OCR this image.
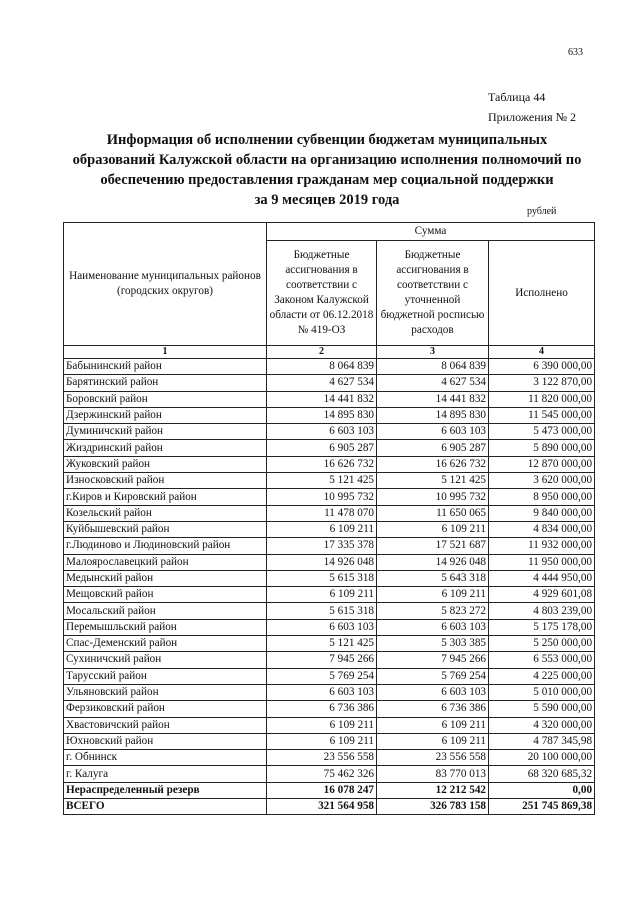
633
Таблица 44
Приложения № 2
Информация об исполнении субвенции бюджетам муниципальных
образований Калужской области на организацию исполнения полномочий по
обеспечению предоставления гражданам мер социальной поддержки
за 9 месяцев 2019 года
рублей
Наименование муниципальных районов (городских округов)	Сумма		
	Бюджетные ассигнования в соответствии с Законом Калужской области от 06.12.2018 № 419-ОЗ	Бюджетные ассигнования в соответствии с уточненной бюджетной росписью расходов	Исполнено
1	2	3	4
Бабынинский район	8 064 839	8 064 839	6 390 000,00
Барятинский район	4 627 534	4 627 534	3 122 870,00
Боровский район	14 441 832	14 441 832	11 820 000,00
Дзержинский район	14 895 830	14 895 830	11 545 000,00
Думиничский район	6 603 103	6 603 103	5 473 000,00
Жиздринский район	6 905 287	6 905 287	5 890 000,00
Жуковский район	16 626 732	16 626 732	12 870 000,00
Износковский район	5 121 425	5 121 425	3 620 000,00
г.Киров и Кировский район	10 995 732	10 995 732	8 950 000,00
Козельский район	11 478 070	11 650 065	9 840 000,00
Куйбышевский район	6 109 211	6 109 211	4 834 000,00
г.Людиново и Людиновский район	17 335 378	17 521 687	11 932 000,00
Малоярославецкий район	14 926 048	14 926 048	11 950 000,00
Медынский район	5 615 318	5 643 318	4 444 950,00
Мещовский район	6 109 211	6 109 211	4 929 601,08
Мосальский район	5 615 318	5 823 272	4 803 239,00
Перемышльский район	6 603 103	6 603 103	5 175 178,00
Спас-Деменский район	5 121 425	5 303 385	5 250 000,00
Сухиничский район	7 945 266	7 945 266	6 553 000,00
Тарусский район	5 769 254	5 769 254	4 225 000,00
Ульяновский район	6 603 103	6 603 103	5 010 000,00
Ферзиковский район	6 736 386	6 736 386	5 590 000,00
Хвастовичский район	6 109 211	6 109 211	4 320 000,00
Юхновский район	6 109 211	6 109 211	4 787 345,98
г. Обнинск	23 556 558	23 556 558	20 100 000,00
г. Калуга	75 462 326	83 770 013	68 320 685,32
Нераспределенный резерв	16 078 247	12 212 542	0,00
ВСЕГО	321 564 958	326 783 158	251 745 869,38
